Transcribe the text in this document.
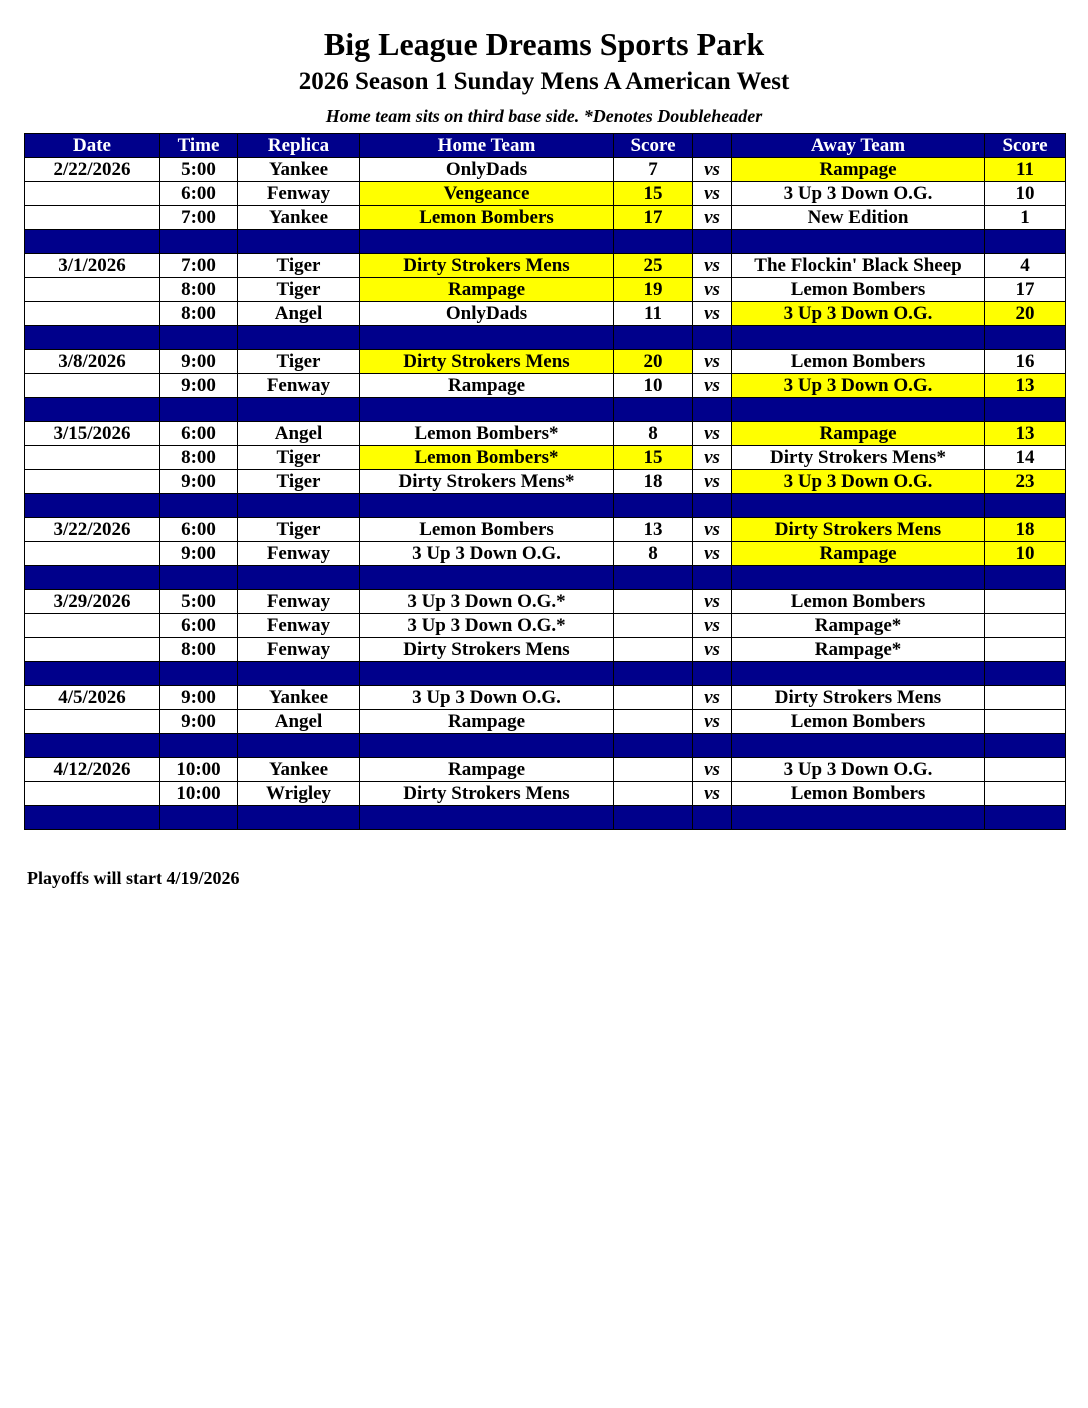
Big League Dreams Sports Park
2026 Season 1 Sunday Mens A American West
Home team sits on third base side. *Denotes Doubleheader
Date	Time	Replica	Home Team	Score		Away Team	Score
2/22/2026	5:00	Yankee	OnlyDads	7	vs	Rampage	11
	6:00	Fenway	Vengeance	15	vs	3 Up 3 Down O.G.	10
	7:00	Yankee	Lemon Bombers	17	vs	New Edition	1

3/1/2026	7:00	Tiger	Dirty Strokers Mens	25	vs	The Flockin' Black Sheep	4
	8:00	Tiger	Rampage	19	vs	Lemon Bombers	17
	8:00	Angel	OnlyDads	11	vs	3 Up 3 Down O.G.	20

3/8/2026	9:00	Tiger	Dirty Strokers Mens	20	vs	Lemon Bombers	16
	9:00	Fenway	Rampage	10	vs	3 Up 3 Down O.G.	13

3/15/2026	6:00	Angel	Lemon Bombers*	8	vs	Rampage	13
	8:00	Tiger	Lemon Bombers*	15	vs	Dirty Strokers Mens*	14
	9:00	Tiger	Dirty Strokers Mens*	18	vs	3 Up 3 Down O.G.	23

3/22/2026	6:00	Tiger	Lemon Bombers	13	vs	Dirty Strokers Mens	18
	9:00	Fenway	3 Up 3 Down O.G.	8	vs	Rampage	10

3/29/2026	5:00	Fenway	3 Up 3 Down O.G.*		vs	Lemon Bombers	
	6:00	Fenway	3 Up 3 Down O.G.*		vs	Rampage*	
	8:00	Fenway	Dirty Strokers Mens		vs	Rampage*	

4/5/2026	9:00	Yankee	3 Up 3 Down O.G.		vs	Dirty Strokers Mens	
	9:00	Angel	Rampage		vs	Lemon Bombers	

4/12/2026	10:00	Yankee	Rampage		vs	3 Up 3 Down O.G.	
	10:00	Wrigley	Dirty Strokers Mens		vs	Lemon Bombers	

Playoffs will start 4/19/2026
